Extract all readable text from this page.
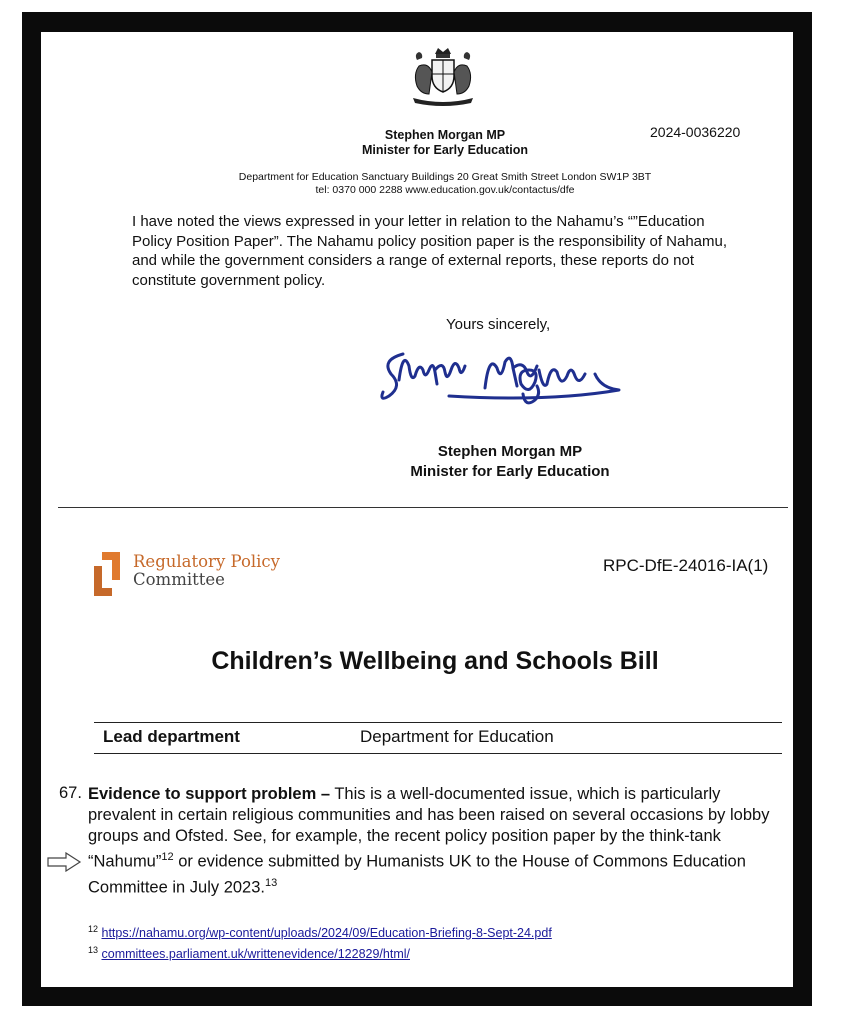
Stephen Morgan MP
Minister for Early Education
2024-0036220
Department for Education Sanctuary Buildings 20 Great Smith Street London SW1P 3BT
tel: 0370 000 2288 www.education.gov.uk/contactus/dfe
I have noted the views expressed in your letter in relation to the Nahamu’s “”Education Policy Position Paper”. The Nahamu policy position paper is the responsibility of Nahamu, and while the government considers a range of external reports, these reports do not constitute government policy.
Yours sincerely,
Stephen Morgan MP
Minister for Early Education
Regulatory Policy
Committee
RPC-DfE-24016-IA(1)
Children’s Wellbeing and Schools Bill
Lead department	Department for Education
67. Evidence to support problem – This is a well-documented issue, which is particularly prevalent in certain religious communities and has been raised on several occasions by lobby groups and Ofsted. See, for example, the recent policy position paper by the think-tank “Nahumu”$^{12}$ or evidence submitted by Humanists UK to the House of Commons Education Committee in July 2023.13
$^{12}$ https://nahamu.org/wp-content/uploads/2024/09/Education-Briefing-8-Sept-24.pdf
$^{13}$ committees.parliament.uk/writtenevidence/122829/html/
